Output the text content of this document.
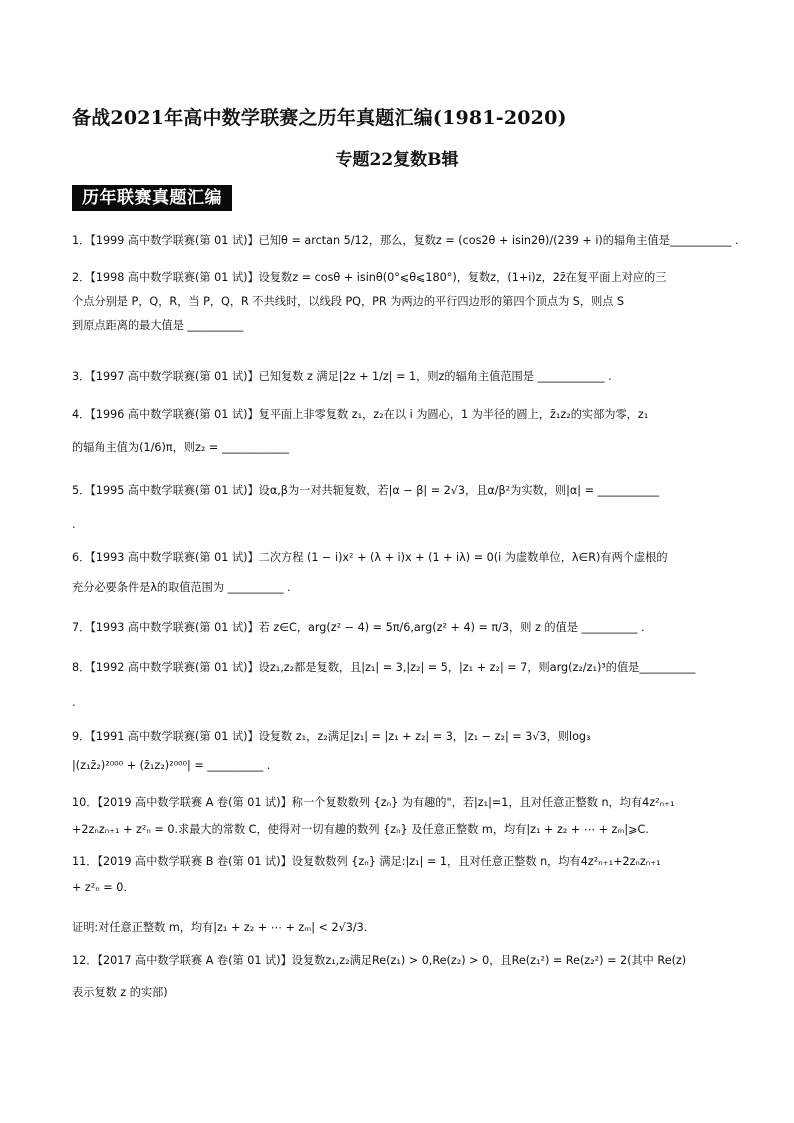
备战2021年高中数学联赛之历年真题汇编(1981-2020)
专题22复数B辑
历年联赛真题汇编
1．【1999 高中数学联赛(第 01 试)】已知θ = arctan 5/12，那么，复数z = (cos2θ + isin2θ)/(239 + i)的辐角主值是___________ .
2．【1998 高中数学联赛(第 01 试)】设复数z = cosθ + isinθ(0°⩽θ⩽180°)，复数z，(1+i)z，2z̄在复平面上对应的三
个点分别是 P，Q，R，当 P，Q，R 不共线时，以线段 PQ，PR 为两边的平行四边形的第四个顶点为 S，则点 S
到原点距离的最大值是 __________
3．【1997 高中数学联赛(第 01 试)】已知复数 z 满足|2z + 1/z| = 1，则z的辐角主值范围是 ____________ .
4．【1996 高中数学联赛(第 01 试)】复平面上非零复数 z₁，z₂在以 i 为圆心，1 为半径的圆上，z̄₁z₂的实部为零，z₁
的辐角主值为(1/6)π，则z₂ = ____________
5．【1995 高中数学联赛(第 01 试)】设α,β为一对共轭复数，若|α − β| = 2√3，且α/β²为实数，则|α| = ___________
.
6．【1993 高中数学联赛(第 01 试)】二次方程 (1 − i)x² + (λ + i)x + (1 + iλ) = 0(i 为虚数单位，λ∈R)有两个虚根的
充分必要条件是λ的取值范围为 __________ .
7．【1993 高中数学联赛(第 01 试)】若 z∈C，arg(z² − 4) = 5π/6,arg(z² + 4) = π/3，则 z 的值是 __________ .
8．【1992 高中数学联赛(第 01 试)】设z₁,z₂都是复数，且|z₁| = 3,|z₂| = 5，|z₁ + z₂| = 7，则arg(z₂/z₁)³的值是__________
.
9．【1991 高中数学联赛(第 01 试)】设复数 z₁，z₂满足|z₁| = |z₁ + z₂| = 3，|z₁ − z₂| = 3√3，则log₃
|(z₁z̄₂)²⁰⁰⁰ + (z̄₁z₂)²⁰⁰⁰| = __________ .
10．【2019 高中数学联赛 A 卷(第 01 试)】称一个复数数列 {zₙ} 为有趣的"，若|z₁|=1，且对任意正整数 n，均有4z²ₙ₊₁
+2zₙzₙ₊₁ + z²ₙ = 0.求最大的常数 C，使得对一切有趣的数列 {zₙ} 及任意正整数 m，均有|z₁ + z₂ + ⋯ + zₘ|⩾C.
11．【2019 高中数学联赛 B 卷(第 01 试)】设复数数列 {zₙ} 满足:|z₁| = 1，且对任意正整数 n，均有4z²ₙ₊₁+2zₙzₙ₊₁
+ z²ₙ = 0.
证明:对任意正整数 m，均有|z₁ + z₂ + ⋯ + zₘ| < 2√3/3.
12．【2017 高中数学联赛 A 卷(第 01 试)】设复数z₁,z₂满足Re(z₁) > 0,Re(z₂) > 0，且Re(z₁²) = Re(z₂²) = 2(其中 Re(z)
表示复数 z 的实部)
